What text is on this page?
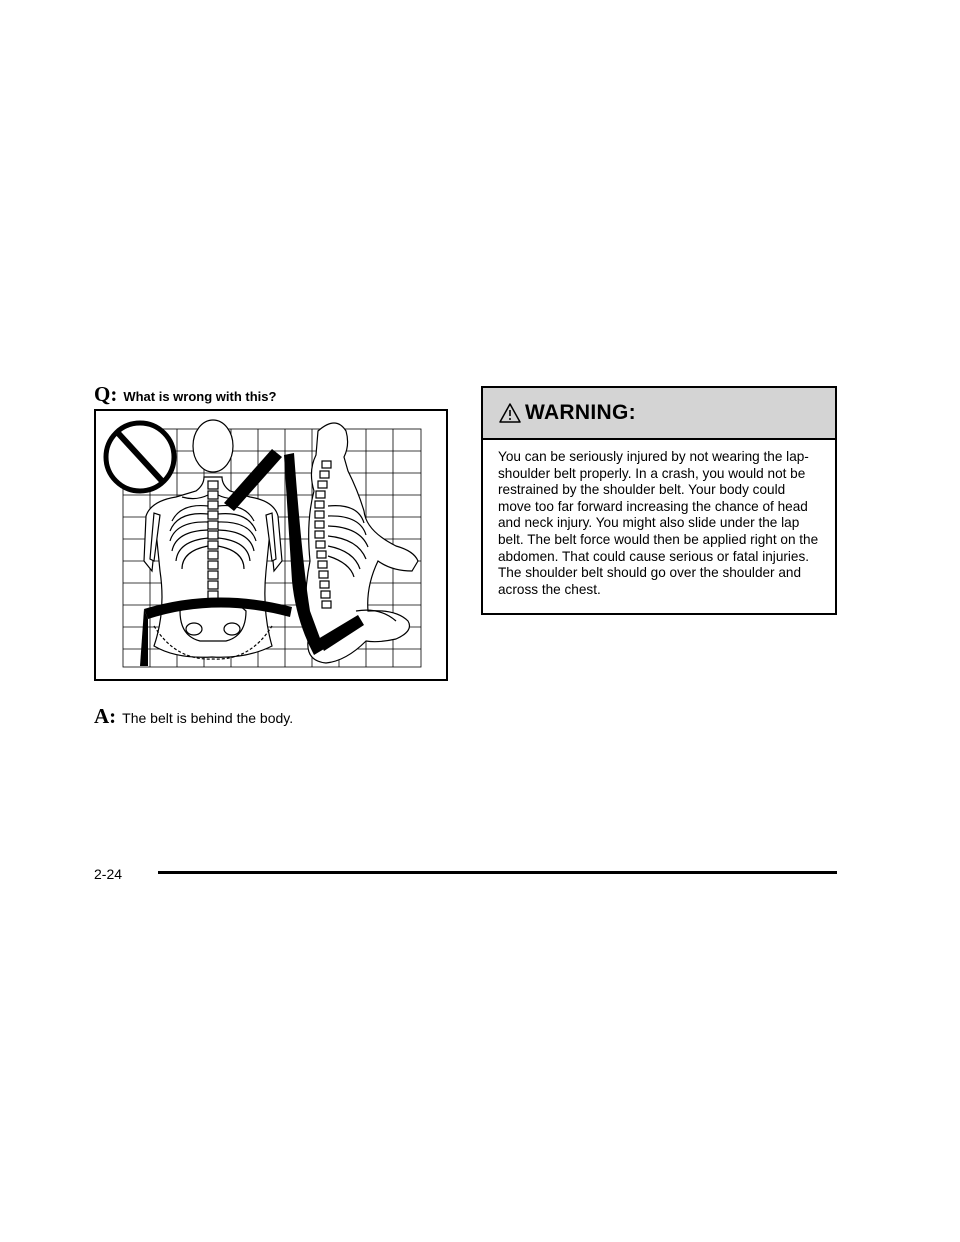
Q: What is wrong with this?
A: The belt is behind the body.
WARNING:
You can be seriously injured by not wearing the lap-shoulder belt properly. In a crash, you would not be restrained by the shoulder belt. Your body could move too far forward increasing the chance of head and neck injury. You might also slide under the lap belt. The belt force would then be applied right on the abdomen. That could cause serious or fatal injuries. The shoulder belt should go over the shoulder and across the chest.
2-24
